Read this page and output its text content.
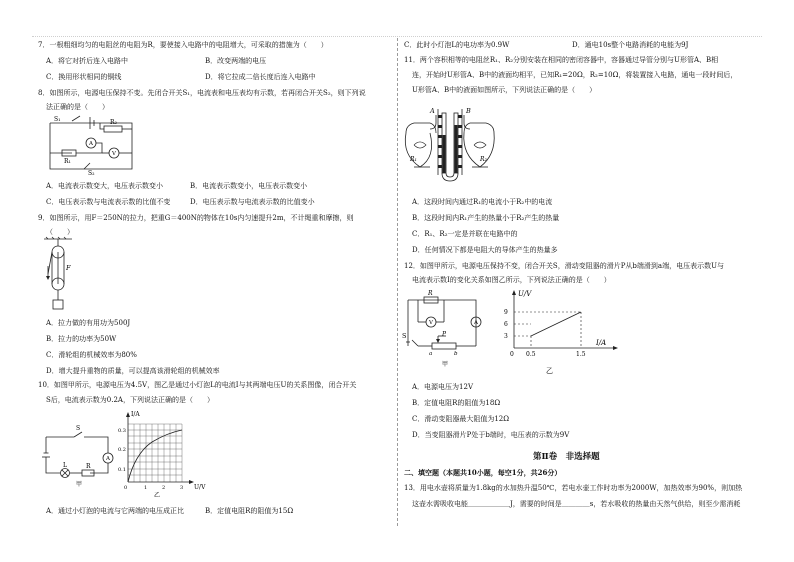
7．一根粗细均匀的电阻丝的电阻为R，要使接入电路中的电阻增大，可采取的措施为（　　）
A．将它对折后连入电路中	B．改变两端的电压
C．换用形状相同的铜线	D．将它拉成二倍长度后连入电路中
8．如图所示，电源电压保持不变。先闭合开关S₁，电流表和电压表均有示数，若再闭合开关S₂，则下列说
法正确的是（　　）
S₁	R₂
A
V
R₁
S₂
A．电流表示数变大，电压表示数变小	B．电流表示数变小，电压表示数变小
C．电压表示数与电流表示数的比值不变	D．电压表示数与电流表示数的比值变小
9．如图所示，用F＝250N的拉力，把重G＝400N的物体在10s内匀速提升2m，不计绳重和摩擦，则
（　　）
F
A．拉力做的有用功为500J
B．拉力的功率为50W
C．滑轮组的机械效率为80%
D．增大提升重物的质量，可以提高该滑轮组的机械效率
10．如图甲所示，电源电压为4.5V，图乙是通过小灯泡L的电流I与其两端电压U的关系图像，闭合开关
S后，电流表示数为0.2A，下列说法正确的是（　　）
S
A
L	R
甲
I/A
U/V
0.3
0.2
0.1
0	1	2	3
乙
A．通过小灯泡的电流与它两端的电压成正比	B．定值电阻R的阻值为15Ω
C．此时小灯泡L的电功率为0.9W	D．通电10s整个电路消耗的电能为9J
11．两个容积相等的电阻丝R₁、R₂分别安装在相同的密闭容器中，容器通过导管分别与U形管A、B相
连，开始时U形管A、B中的液面均相平，已知R₁=20Ω，R₂=10Ω，将装置接入电路，通电一段时间后，
U形管A、B中的液面如图所示，下列说法正确的是（　　）
A	B
R₁	R₂
A．这段时间内通过R₁的电流小于R₂中的电流
B．这段时间内R₁产生的热量小于R₂产生的热量
C．R₁、R₂一定是并联在电路中的
D．任何情况下都是电阻大的导体产生的热量多
12．如图甲所示，电源电压保持不变，闭合开关S，滑动变阻器的滑片P从b端滑到a端，电压表示数U与
电流表示数I的变化关系如图乙所示，下列说法正确的是（　　）
R
V	A
S	P
a	b
甲
U/V
I/A
9
6
3
0 0.5	1.5
乙
A．电源电压为12V
B．定值电阻R的阻值为18Ω
C．滑动变阻器最大阻值为12Ω
D．当变阻器滑片P处于b端时，电压表的示数为9V
第Ⅱ卷　非选择题
二、填空题（本题共10小题，每空1分，共26分）
13．用电水壶将质量为1.8kg的水加热升温50℃，若电水壶工作时功率为2000W，加热效率为90%，则加热
这壶水需吸收电能＿＿＿＿＿＿J，需要的时间是＿＿＿＿s，若水吸收的热量由天然气供给，则至少需消耗
